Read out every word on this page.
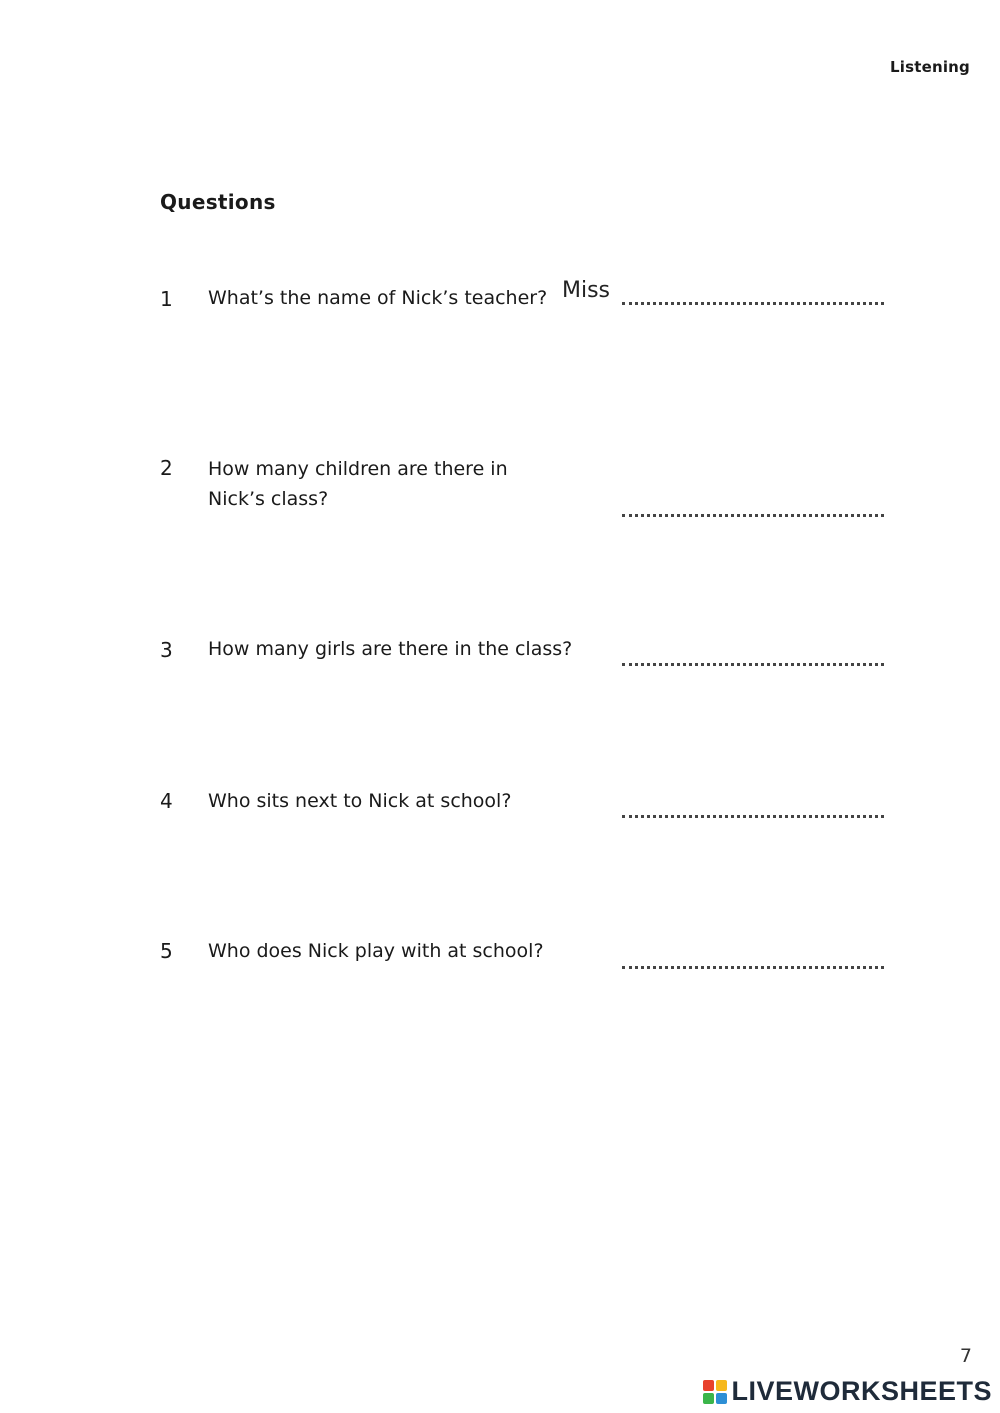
Listening
Questions
1 What’s the name of Nick’s teacher? Miss
2 How many children are there in
Nick’s class?
3 How many girls are there in the class?
4 Who sits next to Nick at school?
5 Who does Nick play with at school?
7
LIVEWORKSHEETS
